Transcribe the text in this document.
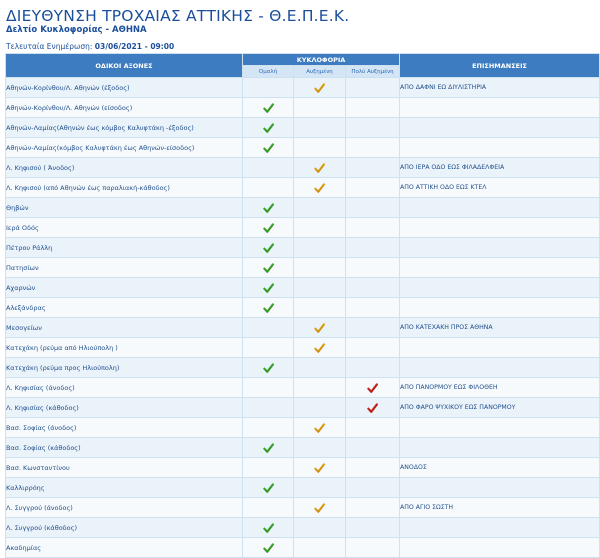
ΔΙΕΥΘΥΝΣΗ ΤΡΟΧΑΙΑΣ ΑΤΤΙΚΗΣ - Θ.Ε.Π.Ε.Κ.
Δελτίο Κυκλοφορίας - ΑΘΗΝΑ
Τελευταία Ενημέρωση: 03/06/2021 - 09:00
ΟΔΙΚΟΙ ΑΞΟΝΕΣ	ΚΥΚΛΟΦΟΡΙΑ			ΕΠΙΣΗΜΑΝΣΕΙΣ
	Ομαλή	Αυξημένη	Πολύ Αυξημένη	
Αθηνών-Κορίνθου/Λ. Αθηνών (έξοδος)				ΑΠΟ ΔΑΦΝΙ ΕΩ ΔΙΥΛΙΣΤΗΡΙΑ
Αθηνών-Κορίνθου/Λ. Αθηνών (είσοδος)	

Αθηνών-Λαμίας(Αθηνών έως κόμβος Καλυφτάκη -έξοδος)	

Αθηνών-Λαμίας(κόμβος Καλυφτάκη έως Αθηνών-είσοδος)	

Λ. Κηφισού ( Άνοδος)				ΑΠΟ ΙΕΡΑ ΟΔΟ ΕΩΣ ΦΙΛΑΔΕΛΦΕΙΑ
Λ. Κηφισού (από Αθηνών έως παραλιακή-κάθοδος)				ΑΠΟ ΑΤΤΙΚΗ ΟΔΟ ΕΩΣ ΚΤΕΛ
Θηβών	

Ιερά Οδός	

Πέτρου Ράλλη	

Πατησίων	

Αχαρνών	

Αλεξάνδρας	

Μεσογείων				ΑΠΟ ΚΑΤΕΧΑΚΗ ΠΡΟΣ ΑΘΗΝΑ
Κατεχάκη (ρεύμα από Ηλιούπολη )		

Κατεχάκη (ρεύμα προς Ηλιούπολη)	

Λ. Κηφισίας (άνοδος)				ΑΠΟ ΠΑΝΟΡΜΟΥ ΕΩΣ ΦΙΛΟΘΕΗ
Λ. Κηφισίας (κάθοδος)				ΑΠΟ ΦΑΡΟ ΨΥΧΙΚΟΥ ΕΩΣ ΠΑΝΟΡΜΟΥ
Βασ. Σοφίας (άνοδος)		

Βασ. Σοφίας (κάθοδος)	

Βασ. Κωνσταντίνου				ΑΝΟΔΟΣ
Καλλιρρόης	

Λ. Συγγρού (άνοδος)				ΑΠΟ ΑΓΙΟ ΣΩΣΤΗ
Λ. Συγγρού (κάθοδος)	

Ακαδημίας	
